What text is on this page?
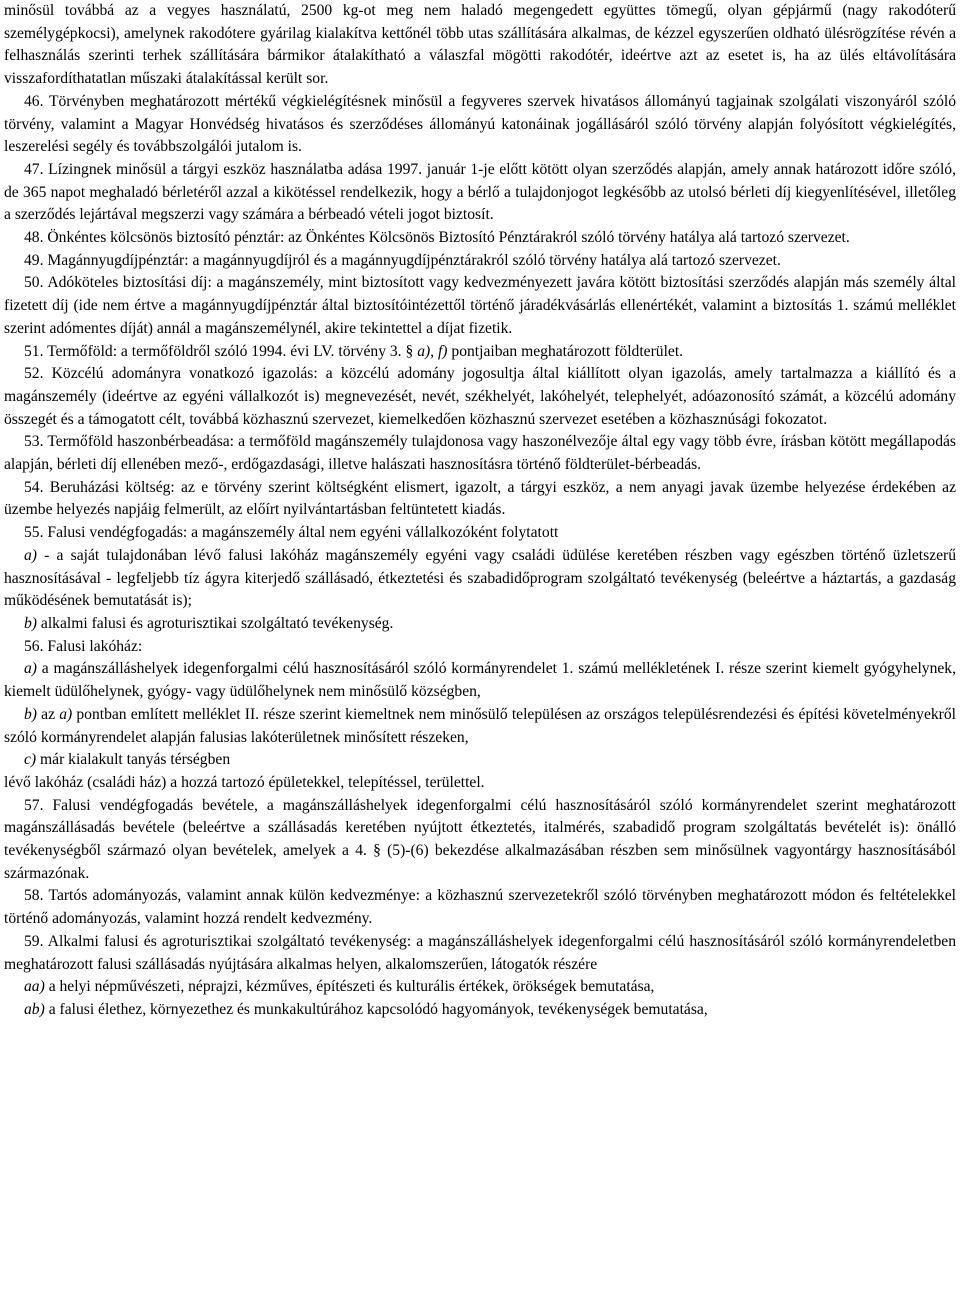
minősül továbbá az a vegyes használatú, 2500 kg-ot meg nem haladó megengedett együttes tömegű, olyan gépjármű (nagy rakodóterű személygépkocsi), amelynek rakodótere gyárilag kialakítva kettőnél több utas szállítására alkalmas, de kézzel egyszerűen oldható ülésrögzítése révén a felhasználás szerinti terhek szállítására bármikor átalakítható a válaszfal mögötti rakodótér, ideértve azt az esetet is, ha az ülés eltávolítására visszafordíthatatlan műszaki átalakítással került sor.

46. Törvényben meghatározott mértékű végkielégítésnek minősül a fegyveres szervek hivatásos állományú tagjainak szolgálati viszonyáról szóló törvény, valamint a Magyar Honvédség hivatásos és szerződéses állományú katonáinak jogállásáról szóló törvény alapján folyósított végkielégítés, leszerelési segély és továbbszolgálói jutalom is.

47. Lízingnek minősül a tárgyi eszköz használatba adása 1997. január 1-je előtt kötött olyan szerződés alapján, amely annak határozott időre szóló, de 365 napot meghaladó bérletéről azzal a kikötéssel rendelkezik, hogy a bérlő a tulajdonjogot legkésőbb az utolsó bérleti díj kiegyenlítésével, illetőleg a szerződés lejártával megszerzi vagy számára a bérbeadó vételi jogot biztosít.

48. Önkéntes kölcsönös biztosító pénztár: az Önkéntes Kölcsönös Biztosító Pénztárakról szóló törvény hatálya alá tartozó szervezet.

49. Magánnyugdíjpénztár: a magánnyugdíjról és a magánnyugdíjpénztárakról szóló törvény hatálya alá tartozó szervezet.

50. Adóköteles biztosítási díj: a magánszemély, mint biztosított vagy kedvezményezett javára kötött biztosítási szerződés alapján más személy által fizetett díj (ide nem értve a magánnyugdíjpénztár által biztosítóintézettől történő járadékvásárlás ellenértékét, valamint a biztosítás 1. számú melléklet szerint adómentes díját) annál a magánszemélynél, akire tekintettel a díjat fizetik.

51. Termőföld: a termőföldről szóló 1994. évi LV. törvény 3. § a), f) pontjaiban meghatározott földterület.

52. Közcélú adományra vonatkozó igazolás: a közcélú adomány jogosultja által kiállított olyan igazolás, amely tartalmazza a kiállító és a magánszemély (ideértve az egyéni vállalkozót is) megnevezését, nevét, székhelyét, lakóhelyét, telephelyét, adóazonosító számát, a közcélú adomány összegét és a támogatott célt, továbbá közhasznú szervezet, kiemelkedően közhasznú szervezet esetében a közhasznúsági fokozatot.

53. Termőföld haszonbérbeadása: a termőföld magánszemély tulajdonosa vagy haszonélvezője által egy vagy több évre, írásban kötött megállapodás alapján, bérleti díj ellenében mező-, erdőgazdasági, illetve halászati hasznosításra történő földterület-bérbeadás.

54. Beruházási költség: az e törvény szerint költségként elismert, igazolt, a tárgyi eszköz, a nem anyagi javak üzembe helyezése érdekében az üzembe helyezés napjáig felmerült, az előírt nyilvántartásban feltüntetett kiadás.

55. Falusi vendégfogadás: a magánszemély által nem egyéni vállalkozóként folytatott

a) - a saját tulajdonában lévő falusi lakóház magánszemély egyéni vagy családi üdülése keretében részben vagy egészben történő üzletszerű hasznosításával - legfeljebb tíz ágyra kiterjedő szállásadó, étkeztetési és szabadidőprogram szolgáltató tevékenység (beleértve a háztartás, a gazdaság működésének bemutatását is);

b) alkalmi falusi és agroturisztikai szolgáltató tevékenység.

56. Falusi lakóház:

a) a magánszálláshelyek idegenforgalmi célú hasznosításáról szóló kormányrendelet 1. számú mellékletének I. része szerint kiemelt gyógyhelynek, kiemelt üdülőhelynek, gyógy- vagy üdülőhelynek nem minősülő községben,

b) az a) pontban említett melléklet II. része szerint kiemeltnek nem minősülő településen az országos településrendezési és építési követelményekről szóló kormányrendelet alapján falusias lakóterületnek minősített részeken,

c) már kialakult tanyás térségben

lévő lakóház (családi ház) a hozzá tartozó épületekkel, telepítéssel, területtel.

57. Falusi vendégfogadás bevétele, a magánszálláshelyek idegenforgalmi célú hasznosításáról szóló kormányrendelet szerint meghatározott magánszállásadás bevétele (beleértve a szállásadás keretében nyújtott étkeztetés, italmérés, szabadidő program szolgáltatás bevételét is): önálló tevékenységből származó olyan bevételek, amelyek a 4. § (5)-(6) bekezdése alkalmazásában részben sem minősülnek vagyontárgy hasznosításából származónak.

58. Tartós adományozás, valamint annak külön kedvezménye: a közhasznú szervezetekről szóló törvényben meghatározott módon és feltételekkel történő adományozás, valamint hozzá rendelt kedvezmény.

59. Alkalmi falusi és agroturisztikai szolgáltató tevékenység: a magánszálláshelyek idegenforgalmi célú hasznosításáról szóló kormányrendeletben meghatározott falusi szállásadás nyújtására alkalmas helyen, alkalomszerűen, látogatók részére

aa) a helyi népművészeti, néprajzi, kézműves, építészeti és kulturális értékek, örökségek bemutatása,

ab) a falusi élethez, környezethez és munkakultúrához kapcsolódó hagyományok, tevékenységek bemutatása,
